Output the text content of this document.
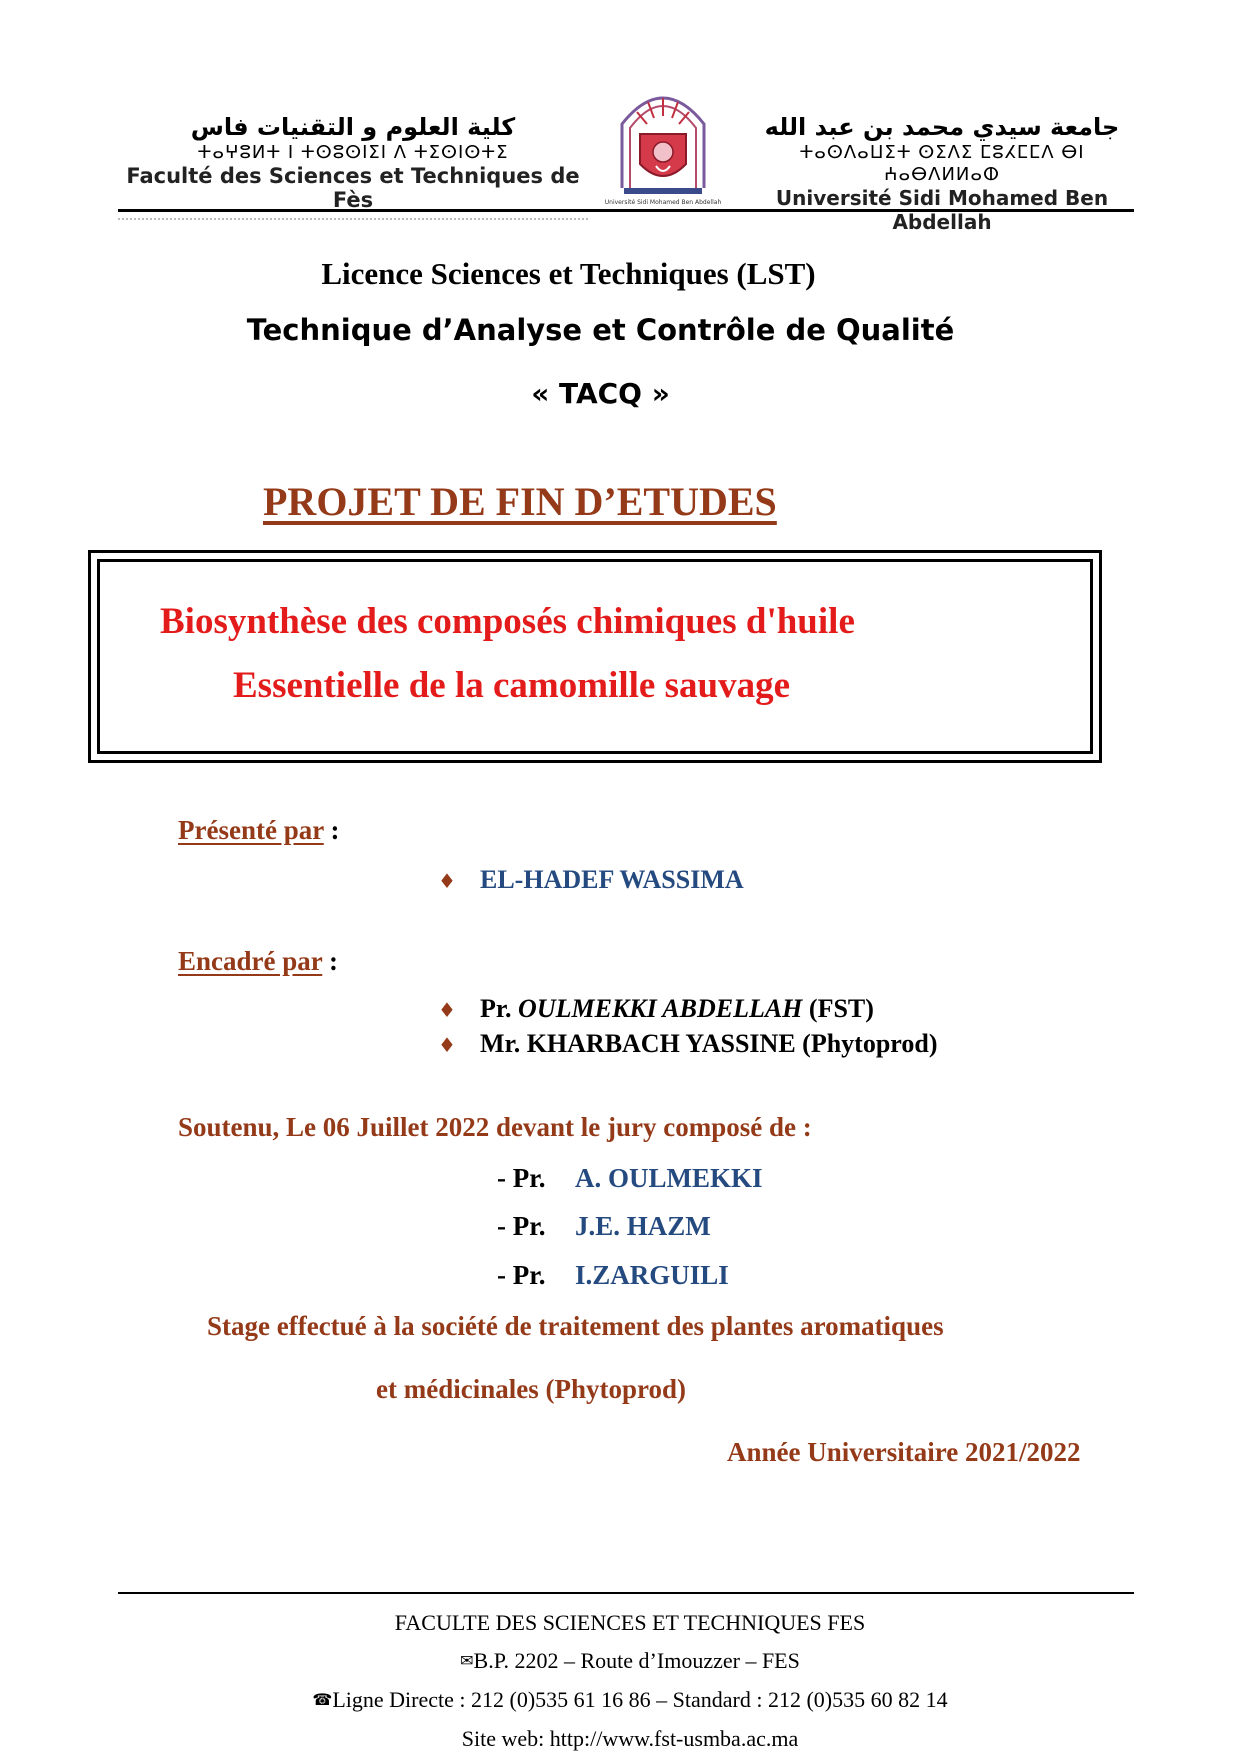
كلية العلوم و التقنيات فاس
ⵜⴰⵖⵓⵍⵜ ⵏ ⵜⵙⵓⵙⵏⵉⵏ ⴷ ⵜⵉⵙⵏⵙⵜⵉ
Faculté des Sciences et Techniques de Fès	Université Sidi Mohamed Ben Abdellah
جامعة سيدي محمد بن عبد الله
ⵜⴰⵙⴷⴰⵡⵉⵜ ⵙⵉⴷⵉ ⵎⵓⵃⵎⵎⴷ ⴱⵏ ⵄⴰⴱⴷⵍⵍⴰⵀ
Université Sidi Mohamed Ben Abdellah
Licence Sciences et Techniques (LST)
Technique d’Analyse et Contrôle de Qualité
« TACQ »
PROJET DE FIN D’ETUDES
Biosynthèse des composés chimiques d'huile
Essentielle de la camomille sauvage
Présenté par :
♦ EL-HADEF WASSIMA
Encadré par :
♦ Pr. OULMEKKI ABDELLAH (FST)
♦ Mr. KHARBACH YASSINE (Phytoprod)
Soutenu, Le 06 Juillet 2022 devant le jury composé de :
- Pr. A. OULMEKKI
- Pr. J.E. HAZM
- Pr. I.ZARGUILI
Stage effectué à la société de traitement des plantes aromatiques
et médicinales (Phytoprod)
Année Universitaire 2021/2022
FACULTE DES SCIENCES ET TECHNIQUES FES
✉B.P. 2202 – Route d’Imouzzer – FES
☎Ligne Directe : 212 (0)535 61 16 86 – Standard : 212 (0)535 60 82 14
Site web: http://www.fst-usmba.ac.ma
